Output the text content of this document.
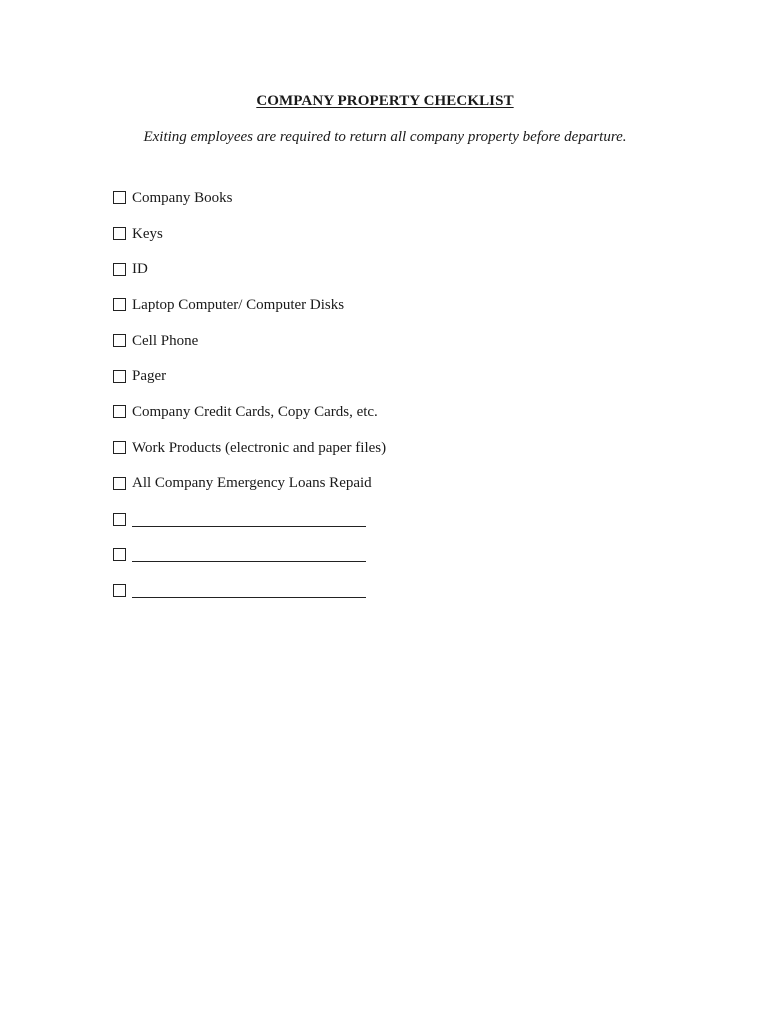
COMPANY PROPERTY CHECKLIST
Exiting employees are required to return all company property before departure.
Company Books
Keys
ID
Laptop Computer/ Computer Disks
Cell Phone
Pager
Company Credit Cards, Copy Cards, etc.
Work Products (electronic and paper files)
All Company Emergency Loans Repaid
